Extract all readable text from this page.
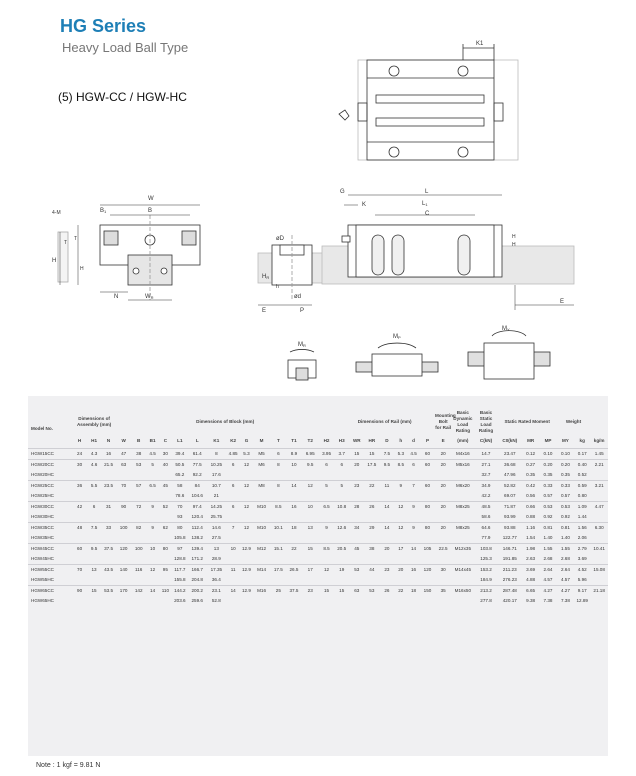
HG Series
Heavy Load Ball Type
(5) HGW-CC / HGW-HC
K1
W
B
B1
4-M
T
T
H
H
N	WR
øD
HR
h
ød
E	P
G	L
K	L1
C
H
H
E
MR
MP
MY
Model No.	Dimensions of Assembly (mm)			Dimensions of Block (mm)														Dimensions of Rail (mm)							Mounting Bolt for Rail	Basic Dynamic Load Rating	Basic Static Load Rating	Static Rated Moment			Weight		
	H	H1	N	W	B	B1	C	L1	L	K1	K2	G	M	T	T1	T2	H2	H3	WR	HR	D	h	d	P	E	(mm)	C(kN)	C0(kN)	MR	MP	MY	kg	kg/m
HGW15CC	24	4.3	16	47	38	4.5	30	39.4	61.4	8	4.85	5.3	M5	6	8.9	6.95	3.95	3.7	15	15	7.5	5.3	4.5	60	20	M4x16	14.7	23.47	0.12	0.10	0.10	0.17	1.45
HGW20CC	30	4.6	21.5	63	53	5	40	50.5	77.5	10.25	6	12	M6	8	10	9.5	6	6	20	17.5	9.5	8.5	6	60	20	M5x16	27.1	36.68	0.27	0.20	0.20	0.40	2.21
HGW20HC								65.2	92.2	17.6																	32.7	47.96	0.35	0.35	0.35	0.52	
HGW25CC	36	5.5	23.5	70	57	6.5	45	58	84	10.7	6	12	M8	8	14	12	5	5	23	22	11	9	7	60	20	M6x20	34.9	52.82	0.42	0.33	0.33	0.59	3.21
HGW25HC								78.6	104.6	21																	42.2	69.07	0.56	0.57	0.57	0.80	
HGW30CC	42	6	31	90	72	9	52	70	97.4	14.25	6	12	M10	8.5	16	10	6.5	10.8	28	26	14	12	9	80	20	M8x25	48.5	71.87	0.66	0.53	0.53	1.09	4.47
HGW30HC								93	120.4	25.75																	58.6	93.99	0.88	0.92	0.92	1.44	
HGW35CC	48	7.5	33	100	82	9	62	80	112.4	14.6	7	12	M10	10.1	18	13	9	12.6	34	29	14	12	9	80	20	M8x25	64.6	93.88	1.16	0.81	0.81	1.56	6.30
HGW35HC								105.8	138.2	27.5																	77.9	122.77	1.54	1.40	1.40	2.06	
HGW45CC	60	9.5	37.5	120	100	10	80	97	139.4	13	10	12.9	M12	15.1	22	15	8.5	20.5	45	38	20	17	14	105	22.5	M12x35	103.8	146.71	1.98	1.55	1.55	2.79	10.41
HGW45HC								128.8	171.2	28.9																	125.3	191.85	2.63	2.68	2.68	3.69	
HGW55CC	70	13	43.5	140	116	12	95	117.7	166.7	17.35	11	12.9	M14	17.5	26.5	17	12	19	53	44	23	20	16	120	30	M14x45	153.2	211.23	3.69	2.64	2.64	4.52	15.08
HGW55HC								155.8	204.8	36.4																	184.9	276.23	4.88	4.57	4.57	5.96	
HGW65CC	90	15	53.5	170	142	14	110	144.2	200.2	23.1	14	12.9	M16	25	37.5	23	15	15	63	53	26	22	18	150	35	M16x50	213.2	287.48	6.65	4.27	4.27	9.17	21.18
HGW65HC								203.6	259.6	52.8																	277.8	420.17	9.38	7.38	7.38	12.89	
Note : 1 kgf = 9.81 N
